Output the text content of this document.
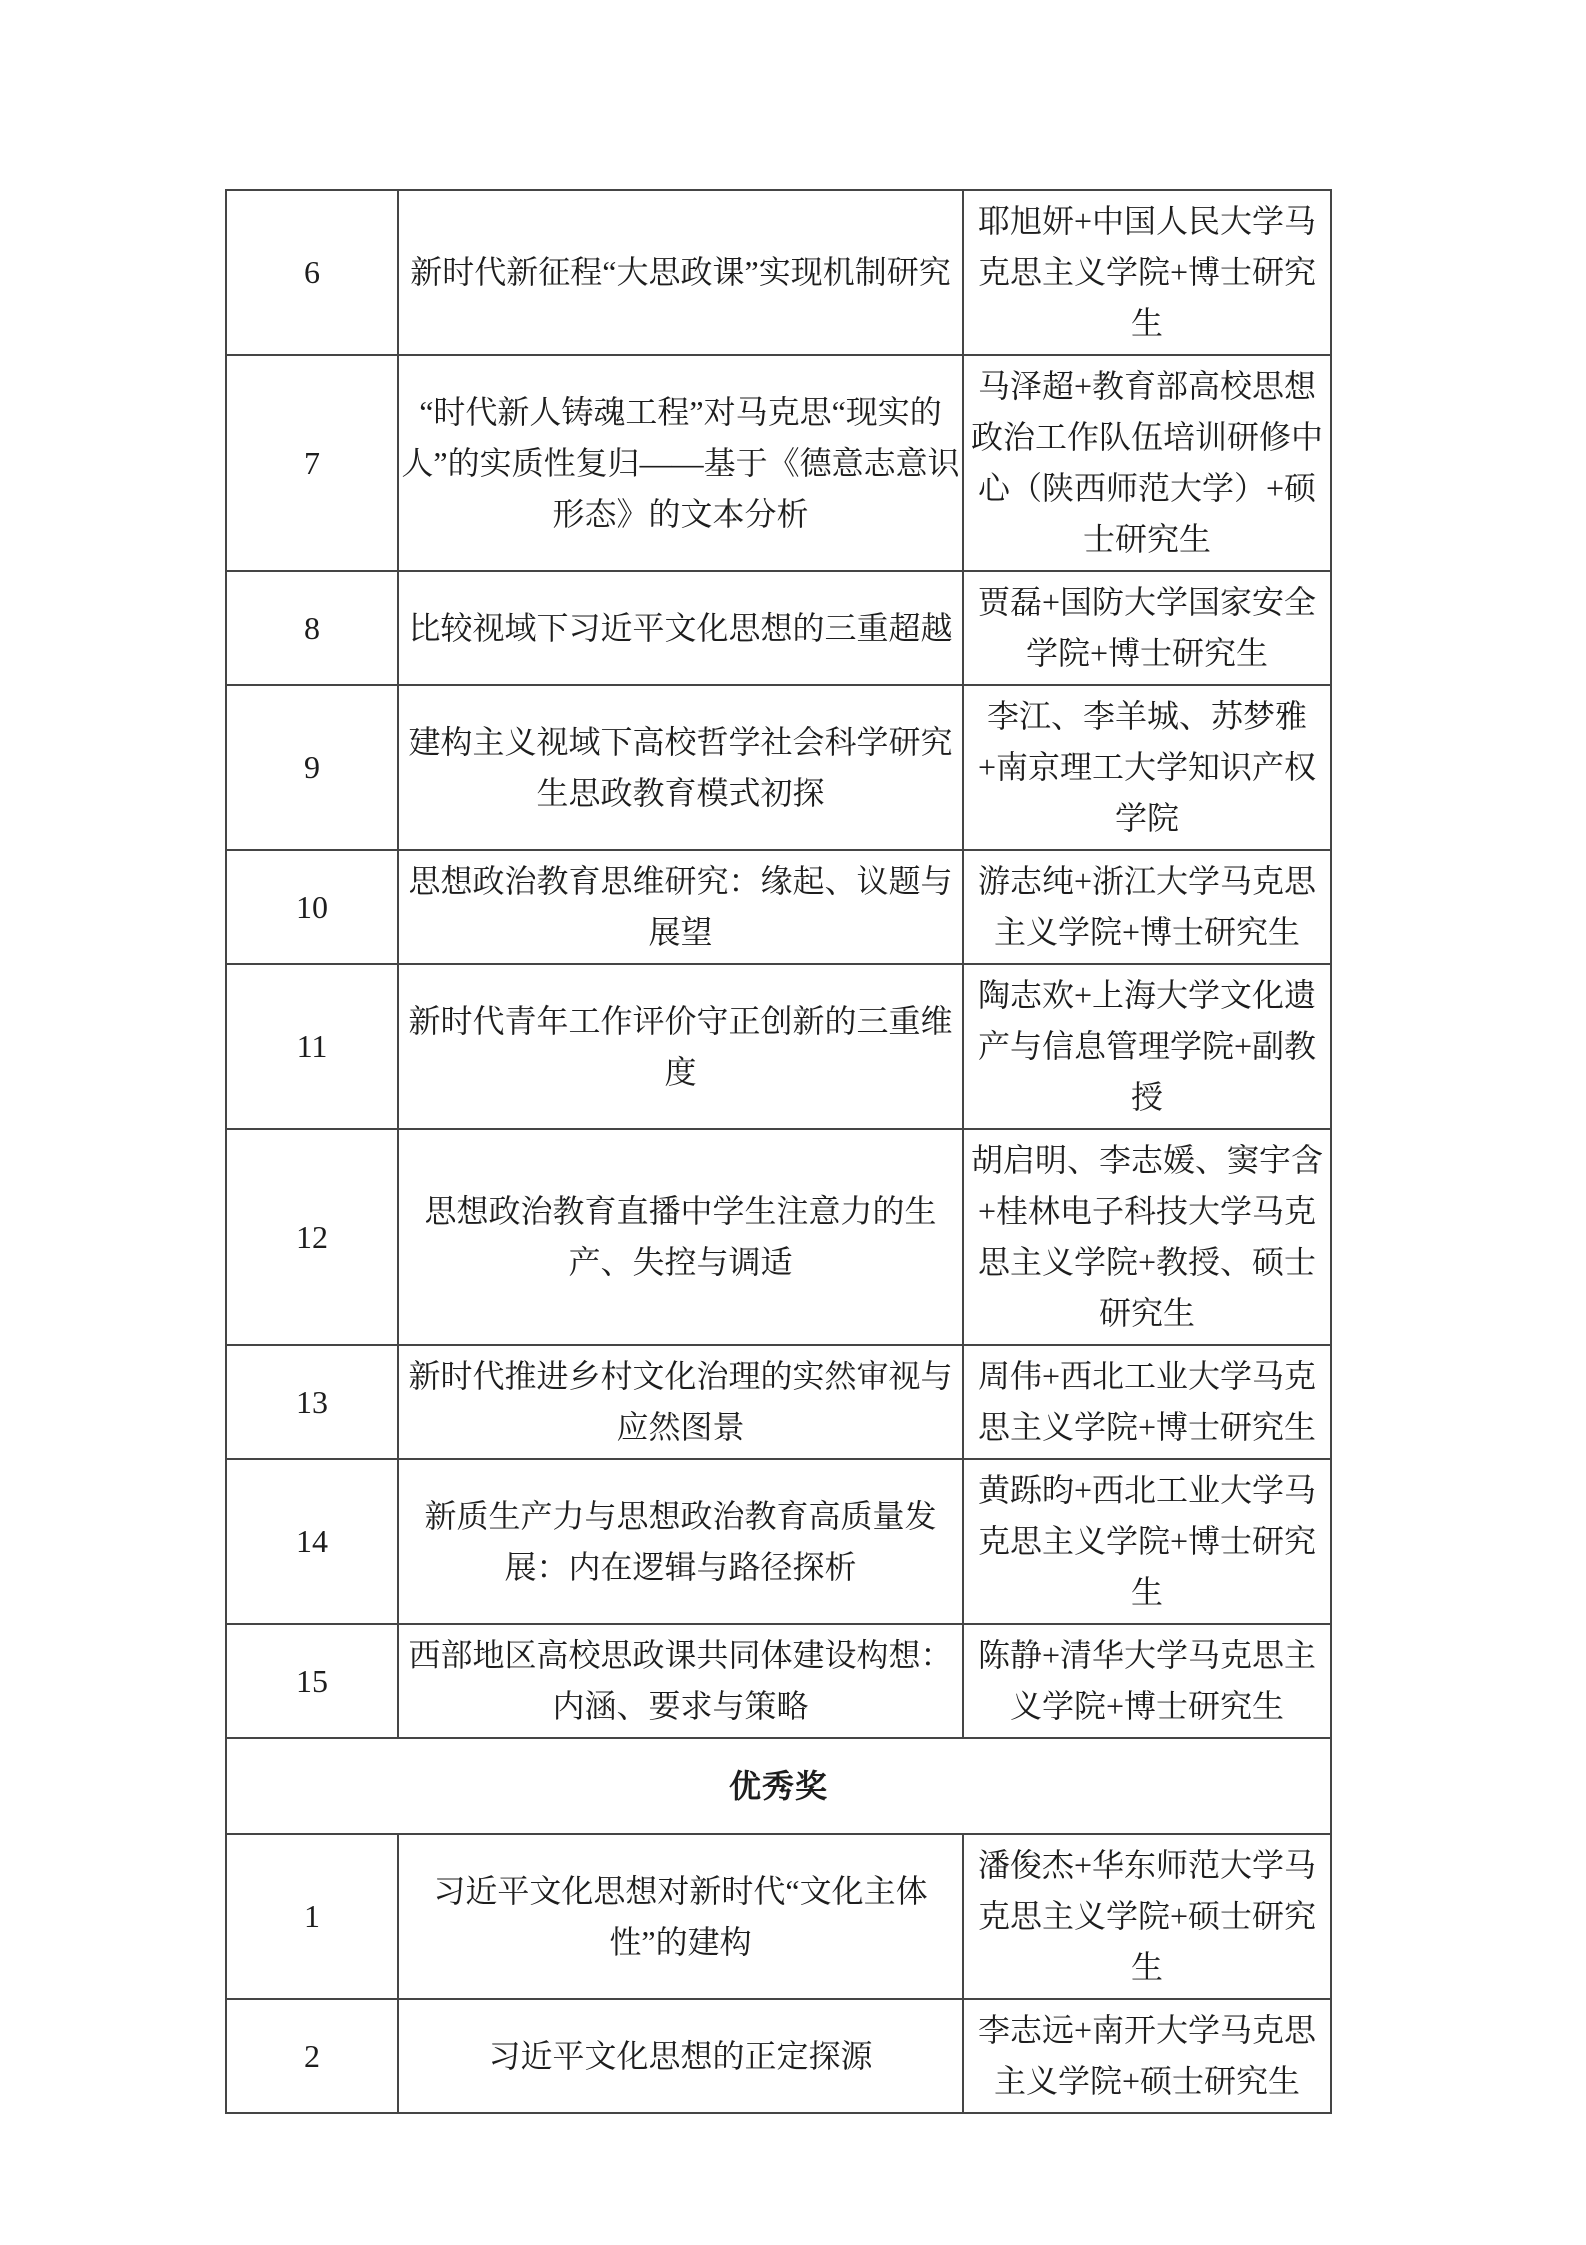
6	新时代新征程“大思政课”实现机制研究	耶旭妍+中国人民大学马克思主义学院+博士研究生
7	“时代新人铸魂工程”对马克思“现实的人”的实质性复归——基于《德意志意识形态》的文本分析	马泽超+教育部高校思想政治工作队伍培训研修中心（陕西师范大学）+硕士研究生
8	比较视域下习近平文化思想的三重超越	贾磊+国防大学国家安全学院+博士研究生
9	建构主义视域下高校哲学社会科学研究生思政教育模式初探	李江、李羊城、苏梦雅+南京理工大学知识产权学院
10	思想政治教育思维研究：缘起、议题与展望	游志纯+浙江大学马克思主义学院+博士研究生
11	新时代青年工作评价守正创新的三重维度	陶志欢+上海大学文化遗产与信息管理学院+副教授
12	思想政治教育直播中学生注意力的生产、失控与调适	胡启明、李志媛、窦宇含+桂林电子科技大学马克思主义学院+教授、硕士研究生
13	新时代推进乡村文化治理的实然审视与应然图景	周伟+西北工业大学马克思主义学院+博士研究生
14	新质生产力与思想政治教育高质量发展：内在逻辑与路径探析	黄跞昀+西北工业大学马克思主义学院+博士研究生
15	西部地区高校思政课共同体建设构想：内涵、要求与策略	陈静+清华大学马克思主义学院+博士研究生
优秀奖		
1	习近平文化思想对新时代“文化主体性”的建构	潘俊杰+华东师范大学马克思主义学院+硕士研究生
2	习近平文化思想的正定探源	李志远+南开大学马克思主义学院+硕士研究生
